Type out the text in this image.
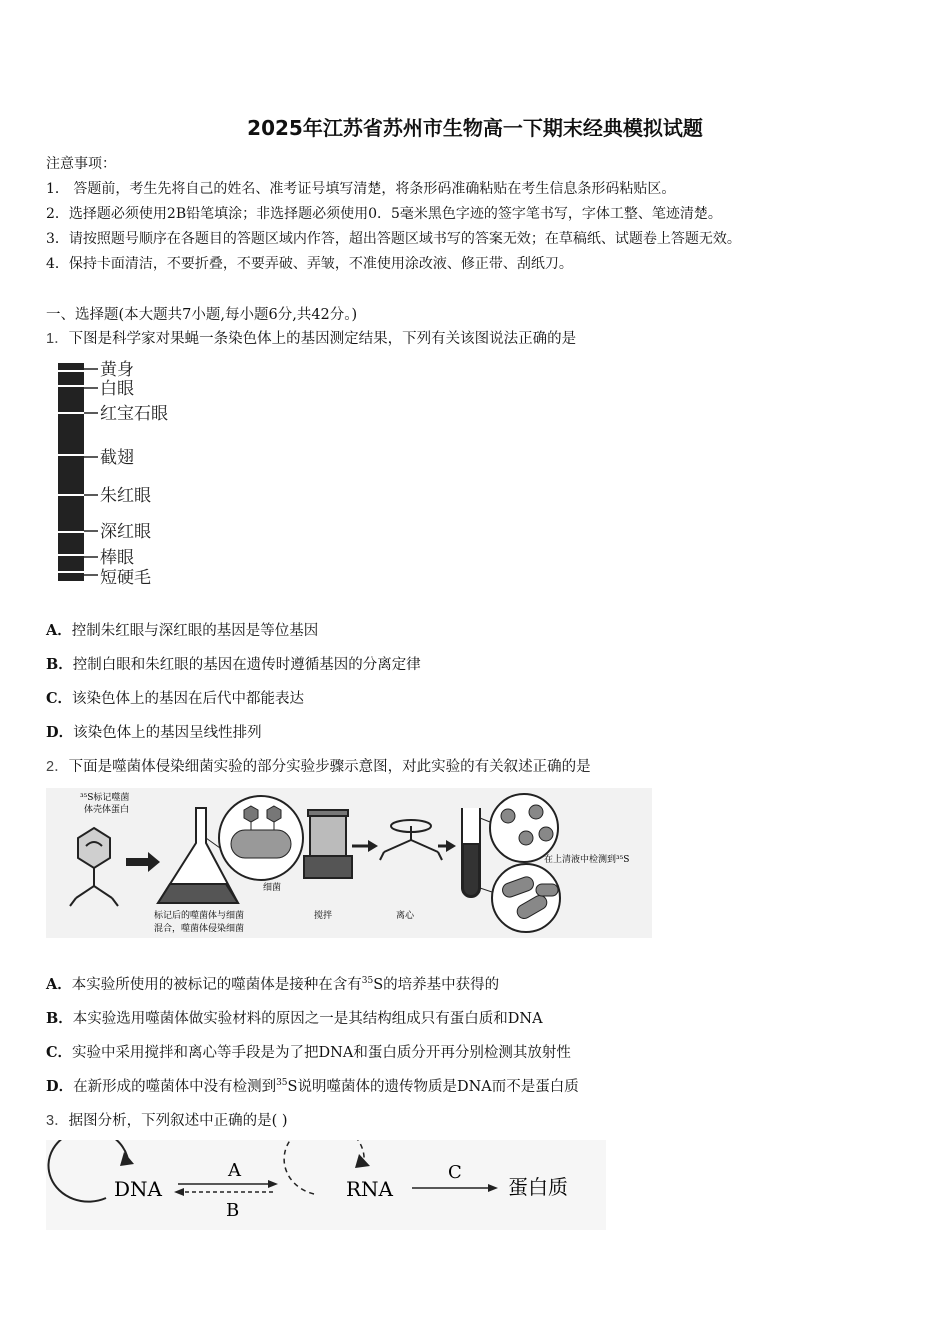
2025年江苏省苏州市生物高一下期末经典模拟试题
注意事项：
1． 答题前，考生先将自己的姓名、准考证号填写清楚，将条形码准确粘贴在考生信息条形码粘贴区。
2．选择题必须使用2B铅笔填涂；非选择题必须使用0．5毫米黑色字迹的签字笔书写，字体工整、笔迹清楚。
3．请按照题号顺序在各题目的答题区域内作答，超出答题区域书写的答案无效；在草稿纸、试题卷上答题无效。
4．保持卡面清洁，不要折叠，不要弄破、弄皱，不准使用涂改液、修正带、刮纸刀。
一、选择题(本大题共7小题,每小题6分,共42分。)
1．下图是科学家对果蝇一条染色体上的基因测定结果，下列有关该图说法正确的是
黄身
白眼
红宝石眼
截翅
朱红眼
深红眼
棒眼
短硬毛
A．控制朱红眼与深红眼的基因是等位基因
B．控制白眼和朱红眼的基因在遗传时遵循基因的分离定律
C．该染色体上的基因在后代中都能表达
D．该染色体上的基因呈线性排列
2．下面是噬菌体侵染细菌实验的部分实验步骤示意图，对此实验的有关叙述正确的是
³⁵S标记噬菌
体壳体蛋白
细菌
标记后的噬菌体与细菌
混合，噬菌体侵染细菌
搅拌	离心
在上清液中检测到³⁵S
A．本实验所使用的被标记的噬菌体是接种在含有$^{35}$S的培养基中获得的
B．本实验选用噬菌体做实验材料的原因之一是其结构组成只有蛋白质和DNA
C．实验中采用搅拌和离心等手段是为了把DNA和蛋白质分开再分别检测其放射性
D．在新形成的噬菌体中没有检测到$^{35}$S说明噬菌体的遗传物质是DNA而不是蛋白质
3．据图分析，下列叙述中正确的是( )
DNA
A
B
RNA
C
蛋白质
